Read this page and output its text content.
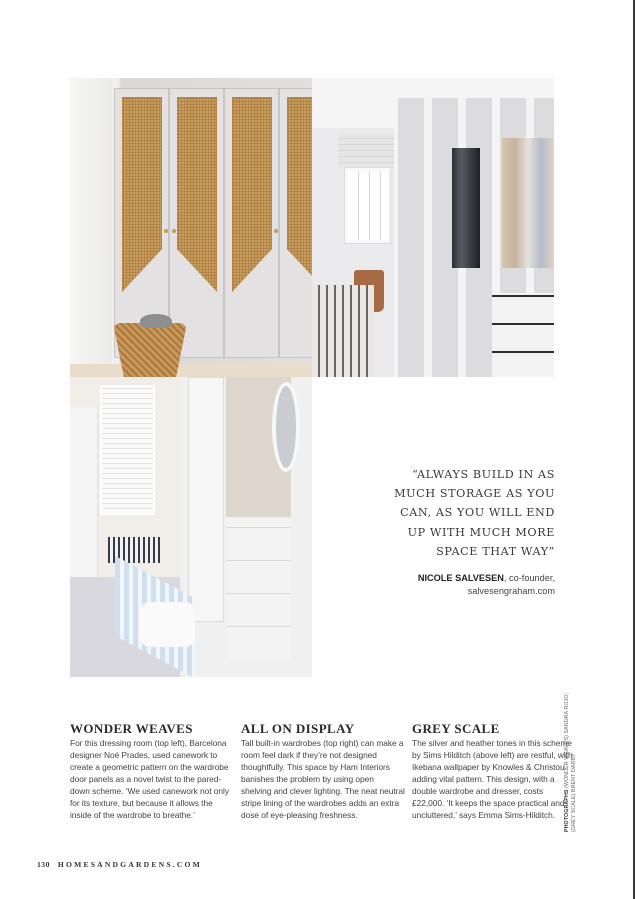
“ALWAYS BUILD IN AS
MUCH STORAGE AS YOU
CAN, AS YOU WILL END
UP WITH MUCH MORE
SPACE THAT WAY”
NICOLE SALVESEN, co-founder,
salvesengraham.com
WONDER WEAVES

For this dressing room (top left), Barcelona designer Noé Prades, used canework to create a geometric pattern on the wardrobe door panels as a novel twist to the pared-down scheme. ‘We used canework not only for its texture, but because it allows the inside of the wardrobe to breathe.’

ALL ON DISPLAY

Tall built-in wardrobes (top right) can make a room feel dark if they’re not designed thoughtfully. This space by Ham Interiors banishes the problem by using open shelving and clever lighting. The neat neutral stripe lining of the wardrobes adds an extra dose of eye-pleasing freshness.

GREY SCALE

The silver and heather tones in this scheme by Sims Hilditch (above left) are restful, with Ikebana wallpaper by Knowles & Christou adding vital pattern. This design, with a double wardrobe and dresser, costs £22,000. ‘It keeps the space practical and uncluttered,’ says Emma Sims-Hilditch.	PHOTOGRAPHS (WONDER WEAVES) SANDRA ROJO;
(GREY SCALE) BRENT DARBY
130 HOMESANDGARDENS.COM
